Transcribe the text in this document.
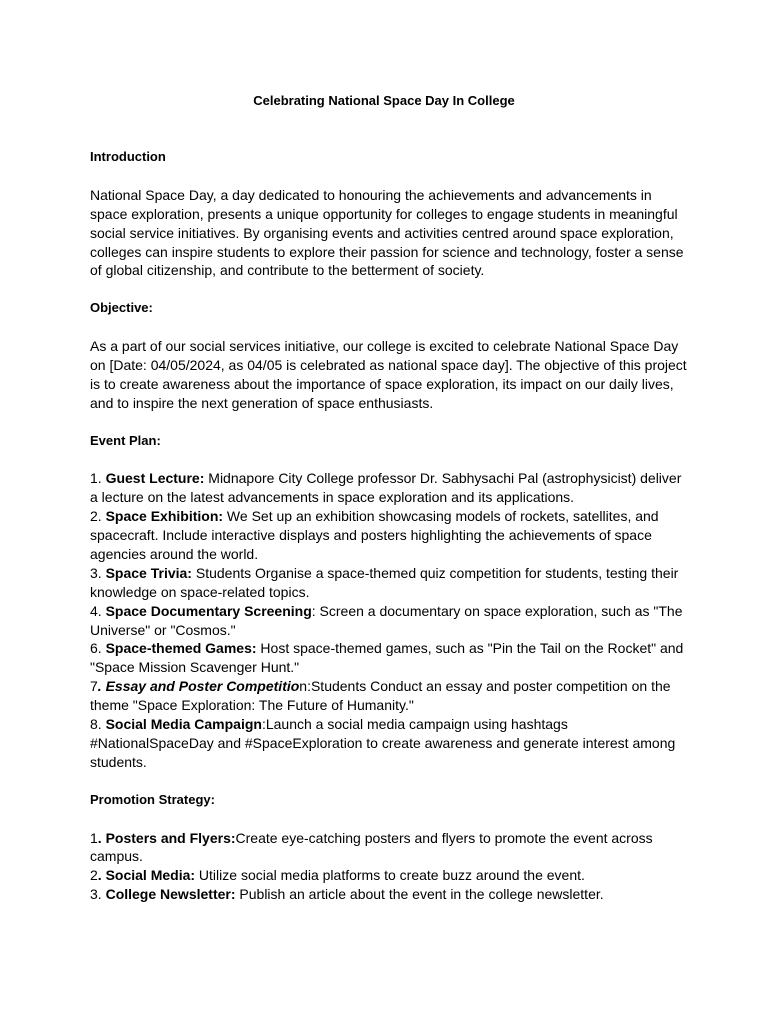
Celebrating National Space Day In College

Introduction

National Space Day, a day dedicated to honouring the achievements and advancements in space exploration, presents a unique opportunity for colleges to engage students in meaningful social service initiatives. By organising events and activities centred around space exploration, colleges can inspire students to explore their passion for science and technology, foster a sense of global citizenship, and contribute to the betterment of society.

Objective:

As a part of our social services initiative, our college is excited to celebrate National Space Day on [Date: 04/05/2024, as 04/05 is celebrated as national space day]. The objective of this project is to create awareness about the importance of space exploration, its impact on our daily lives, and to inspire the next generation of space enthusiasts.

Event Plan:

1. Guest Lecture: Midnapore City College professor Dr. Sabhysachi Pal (astrophysicist) deliver a lecture on the latest advancements in space exploration and its applications.

2. Space Exhibition: We Set up an exhibition showcasing models of rockets, satellites, and spacecraft. Include interactive displays and posters highlighting the achievements of space agencies around the world.

3. Space Trivia: Students Organise a space-themed quiz competition for students, testing their knowledge on space-related topics.

4. Space Documentary Screening: Screen a documentary on space exploration, such as "The Universe" or "Cosmos."

6. Space-themed Games: Host space-themed games, such as "Pin the Tail on the Rocket" and "Space Mission Scavenger Hunt."

7. Essay and Poster Competition:Students Conduct an essay and poster competition on the theme "Space Exploration: The Future of Humanity."

8. Social Media Campaign:Launch a social media campaign using hashtags #NationalSpaceDay and #SpaceExploration to create awareness and generate interest among students.

Promotion Strategy:

1. Posters and Flyers:Create eye-catching posters and flyers to promote the event across campus.

2. Social Media: Utilize social media platforms to create buzz around the event.

3. College Newsletter: Publish an article about the event in the college newsletter.
